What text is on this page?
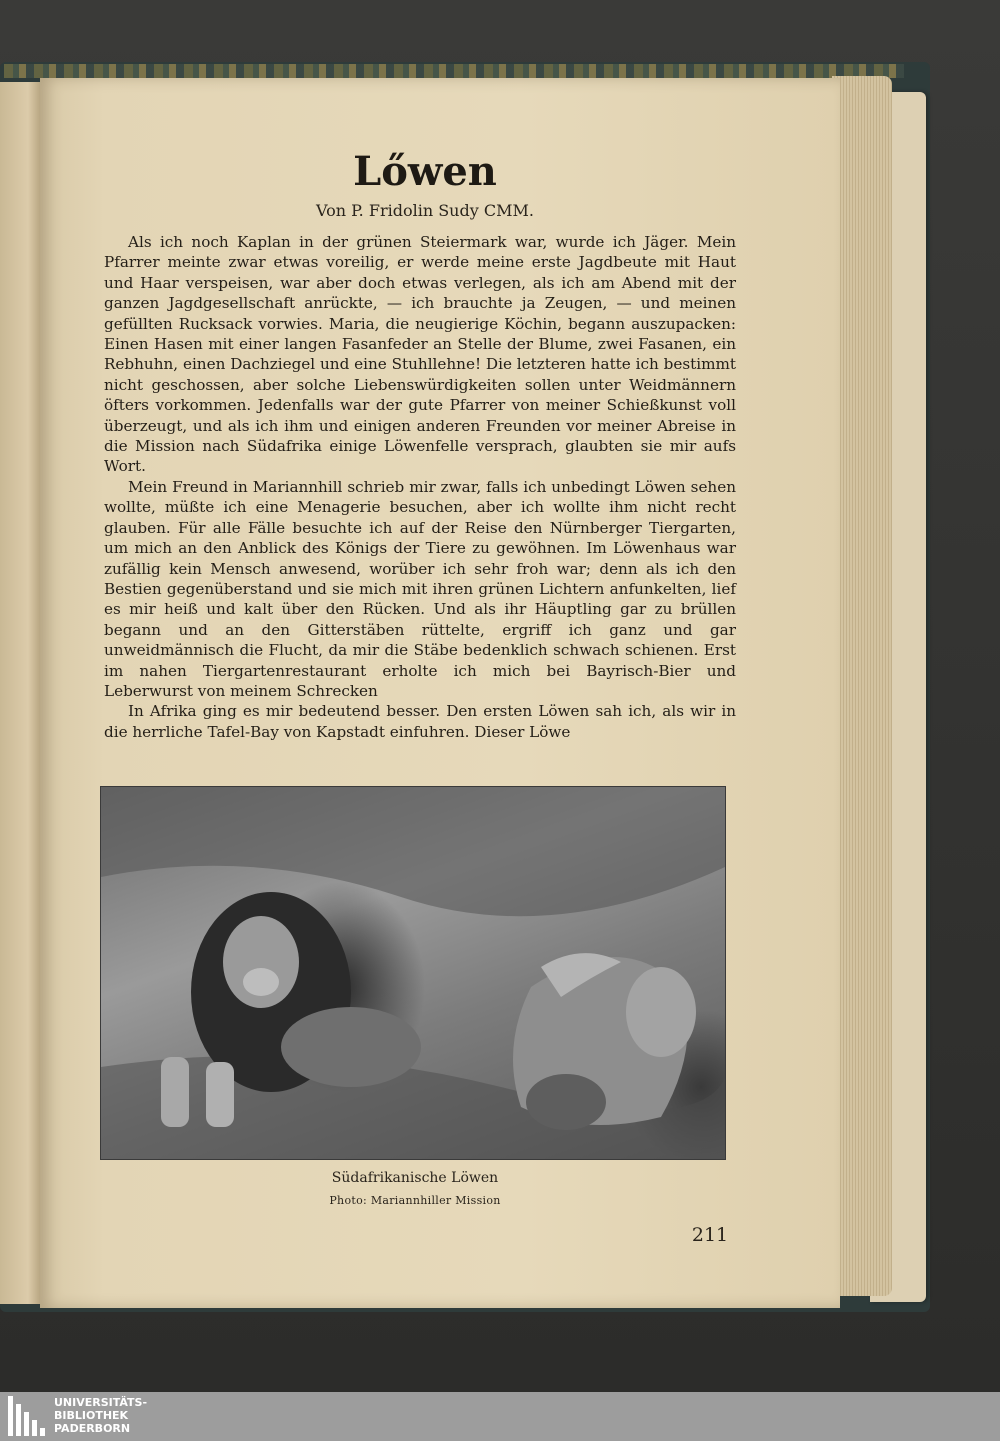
Lőwen
Von P. Fridolin Sudy CMM.

Als ich noch Kaplan in der grünen Steiermark war, wurde ich Jäger. Mein Pfarrer meinte zwar etwas voreilig, er werde meine erste Jagdbeute mit Haut und Haar verspeisen, war aber doch etwas verlegen, als ich am Abend mit der ganzen Jagdgesellschaft anrückte, — ich brauchte ja Zeugen, — und meinen gefüllten Rucksack vorwies. Maria, die neugierige Köchin, begann auszupacken: Einen Hasen mit einer langen Fasanfeder an Stelle der Blume, zwei Fasanen, ein Rebhuhn, einen Dachziegel und eine Stuhllehne! Die letzteren hatte ich bestimmt nicht geschossen, aber solche Liebenswürdigkeiten sollen unter Weidmännern öfters vorkommen. Jedenfalls war der gute Pfarrer von meiner Schießkunst voll überzeugt, und als ich ihm und einigen anderen Freunden vor meiner Abreise in die Mission nach Südafrika einige Löwenfelle versprach, glaubten sie mir aufs Wort.

Mein Freund in Mariannhill schrieb mir zwar, falls ich unbedingt Löwen sehen wollte, müßte ich eine Menagerie besuchen, aber ich wollte ihm nicht recht glauben. Für alle Fälle besuchte ich auf der Reise den Nürnberger Tiergarten, um mich an den Anblick des Königs der Tiere zu gewöhnen. Im Löwenhaus war zufällig kein Mensch anwesend, worüber ich sehr froh war; denn als ich den Bestien gegenüberstand und sie mich mit ihren grünen Lichtern anfunkelten, lief es mir heiß und kalt über den Rücken. Und als ihr Häuptling gar zu brüllen begann und an den Gitterstäben rüttelte, ergriff ich ganz und gar unweidmännisch die Flucht, da mir die Stäbe bedenklich schwach schienen. Erst im nahen Tiergartenrestaurant erholte ich mich bei Bayrisch-Bier und Leberwurst von meinem Schrecken

In Afrika ging es mir bedeutend besser. Den ersten Löwen sah ich, als wir in die herrliche Tafel-Bay von Kapstadt einfuhren. Dieser Löwe

Südafrikanische Löwen
Photo: Mariannhiller Mission
211
UNIVERSITÄTS-
BIBLIOTHEK
PADERBORN
